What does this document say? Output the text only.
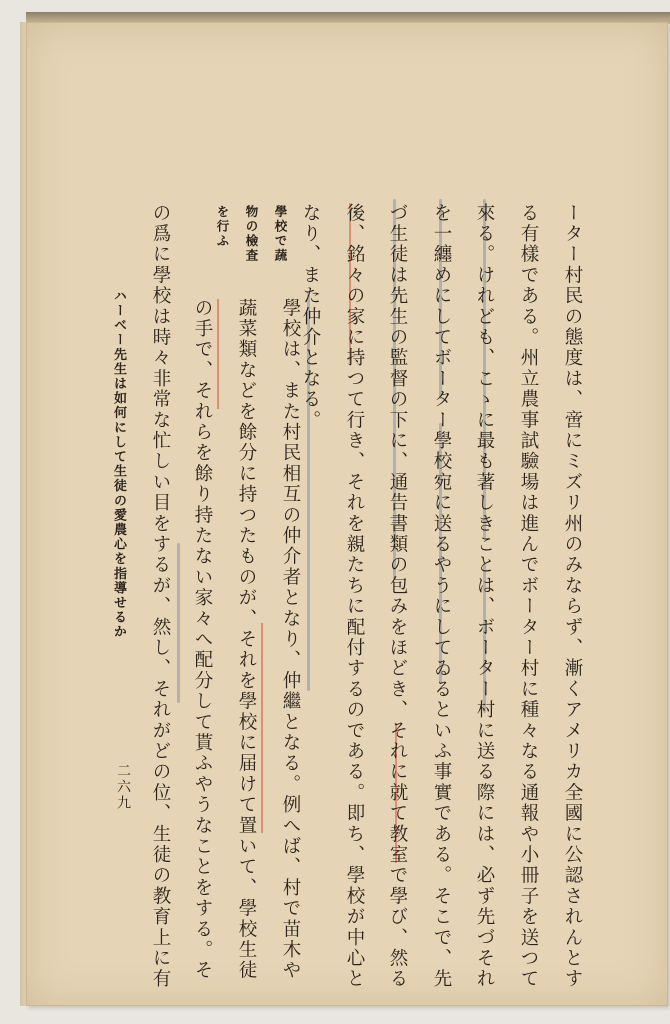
ーター村民の態度は、啻にミズリ州のみならず、漸くアメリカ全國に公認されんとす
る有樣である。州立農事試驗場は進んでボーター村に種々なる通報や小冊子を送つて
來る。けれども、こゝに最も著しきことは、ボーター村に送る際には、必ず先づそれ
を一纏めにしてボーター學校宛に送るやうにしてゐるといふ事實である。そこで、先
づ生徒は先生の監督の下に、通告書類の包みをほどき、それに就て教室で學び、然る
後、銘々の家に持つて行き、それを親たちに配付するのである。即ち、學校が中心と
なり、また仲介となる。
學校で蔬
物の檢査
を行ふ
學校は、また村民相互の仲介者となり、仲繼となる。例へば、村で苗木や
蔬菜類などを餘分に持つたものが、それを學校に届けて置いて、學校生徒
の手で、それらを餘り持たない家々へ配分して貰ふやうなことをする。そ
の爲に學校は時々非常な忙しい目をするが、然し、それがどの位、生徒の教育上に有
ハーベー先生は如何にして生徒の愛農心を指導せるか
二六九
